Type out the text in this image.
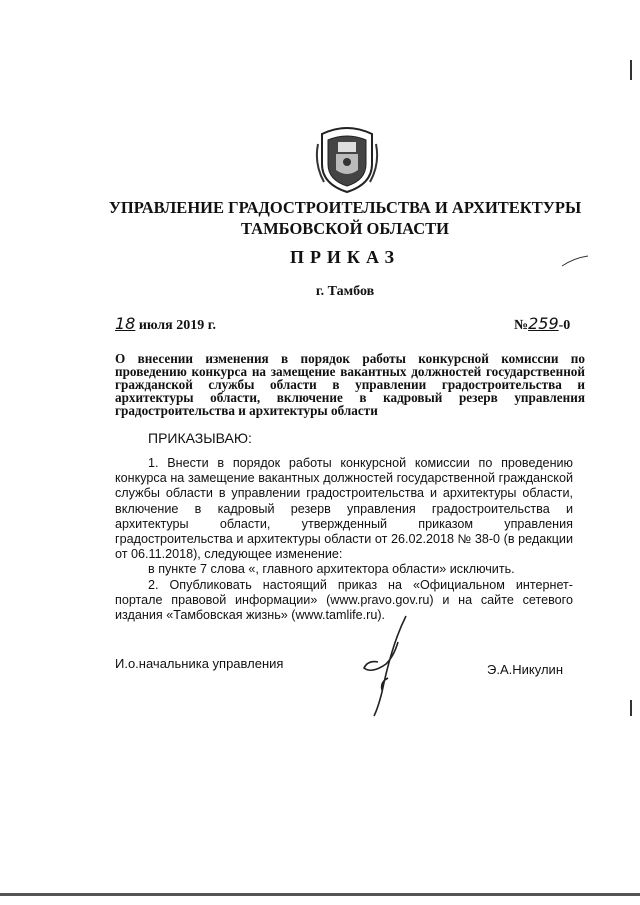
УПРАВЛЕНИЕ ГРАДОСТРОИТЕЛЬСТВА И АРХИТЕКТУРЫ
ТАМБОВСКОЙ ОБЛАСТИ
ПРИКАЗ
г. Тамбов
18 июля 2019 г.	№259-0
О внесении изменения в порядок работы конкурсной комиссии по проведению конкурса на замещение вакантных должностей государственной гражданской службы области в управлении градостроительства и архитектуры области, включение в кадровый резерв управления градостроительства и архитектуры области
ПРИКАЗЫВАЮ:

1. Внести в порядок работы конкурсной комиссии по проведению конкурса на замещение вакантных должностей государственной гражданской службы области в управлении градостроительства и архитектуры области, включение в кадровый резерв управления градостроительства и архитектуры области, утвержденный приказом управления градостроительства и архитектуры области от 26.02.2018 № 38-0 (в редакции от 06.11.2018), следующее изменение:

в пункте 7 слова «, главного архитектора области» исключить.

2. Опубликовать настоящий приказ на «Официальном интернет-портале правовой информации» (www.pravo.gov.ru) и на сайте сетевого издания «Тамбовская жизнь» (www.tamlife.ru).

И.о.начальника управления	Э.А.Никулин
